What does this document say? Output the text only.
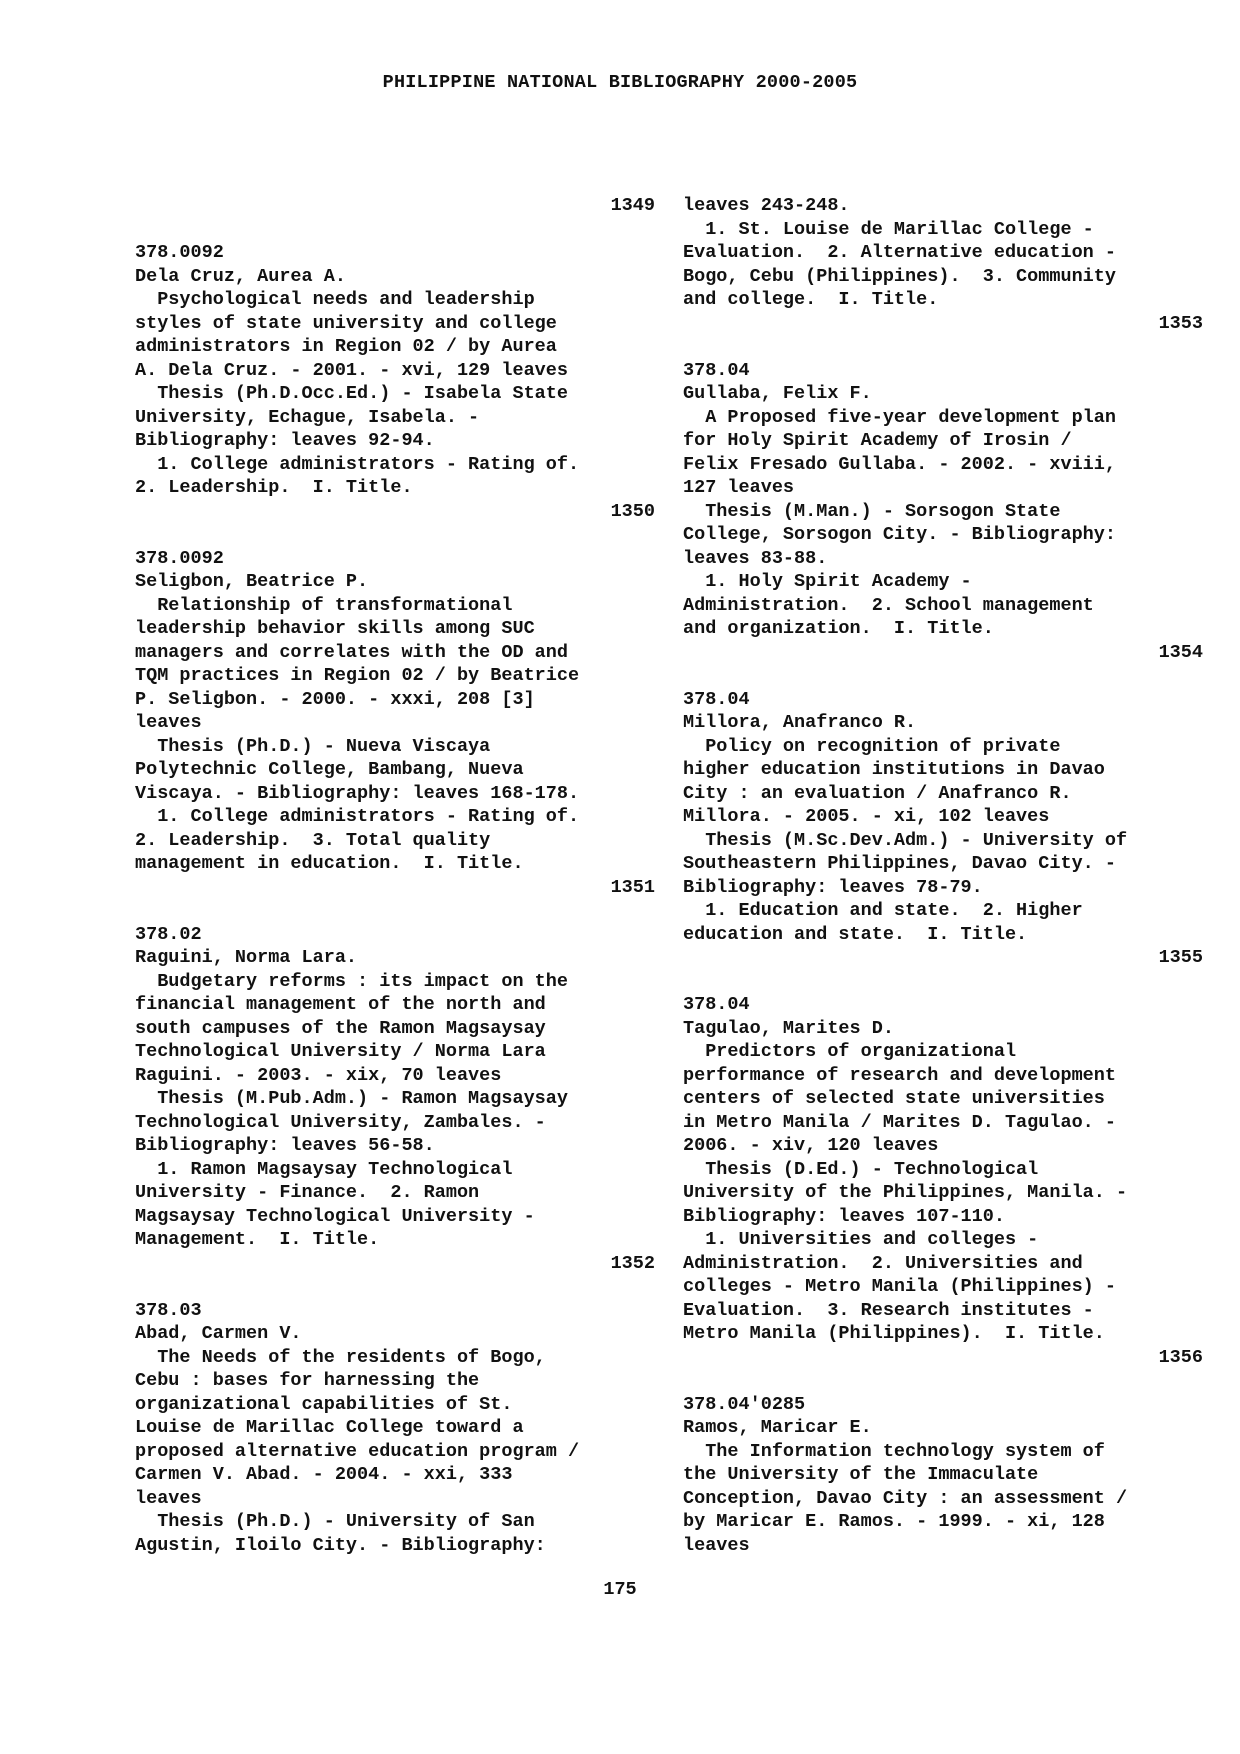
PHILIPPINE NATIONAL BIBLIOGRAPHY 2000-2005
1349
378.0092
Dela Cruz, Aurea A.
Psychological needs and leadership
styles of state university and college
administrators in Region 02 / by Aurea
A. Dela Cruz. - 2001. - xvi, 129 leaves
Thesis (Ph.D.Occ.Ed.) - Isabela State
University, Echague, Isabela. -
Bibliography: leaves 92-94.
1. College administrators - Rating of.
2. Leadership.  I. Title.
1350
378.0092
Seligbon, Beatrice P.
Relationship of transformational
leadership behavior skills among SUC
managers and correlates with the OD and
TQM practices in Region 02 / by Beatrice
P. Seligbon. - 2000. - xxxi, 208 [3]
leaves
Thesis (Ph.D.) - Nueva Viscaya
Polytechnic College, Bambang, Nueva
Viscaya. - Bibliography: leaves 168-178.
1. College administrators - Rating of.
2. Leadership.  3. Total quality
management in education.  I. Title.
1351
378.02
Raguini, Norma Lara.
Budgetary reforms : its impact on the
financial management of the north and
south campuses of the Ramon Magsaysay
Technological University / Norma Lara
Raguini. - 2003. - xix, 70 leaves
Thesis (M.Pub.Adm.) - Ramon Magsaysay
Technological University, Zambales. -
Bibliography: leaves 56-58.
1. Ramon Magsaysay Technological
University - Finance.  2. Ramon
Magsaysay Technological University -
Management.  I. Title.
1352
378.03
Abad, Carmen V.
The Needs of the residents of Bogo,
Cebu : bases for harnessing the
organizational capabilities of St.
Louise de Marillac College toward a
proposed alternative education program /
Carmen V. Abad. - 2004. - xxi, 333
leaves
Thesis (Ph.D.) - University of San
Agustin, Iloilo City. - Bibliography:
leaves 243-248.
1. St. Louise de Marillac College -
Evaluation.  2. Alternative education -
Bogo, Cebu (Philippines).  3. Community
and college.  I. Title.
1353
378.04
Gullaba, Felix F.
A Proposed five-year development plan
for Holy Spirit Academy of Irosin /
Felix Fresado Gullaba. - 2002. - xviii,
127 leaves
Thesis (M.Man.) - Sorsogon State
College, Sorsogon City. - Bibliography:
leaves 83-88.
1. Holy Spirit Academy -
Administration.  2. School management
and organization.  I. Title.
1354
378.04
Millora, Anafranco R.
Policy on recognition of private
higher education institutions in Davao
City : an evaluation / Anafranco R.
Millora. - 2005. - xi, 102 leaves
Thesis (M.Sc.Dev.Adm.) - University of
Southeastern Philippines, Davao City. -
Bibliography: leaves 78-79.
1. Education and state.  2. Higher
education and state.  I. Title.
1355
378.04
Tagulao, Marites D.
Predictors of organizational
performance of research and development
centers of selected state universities
in Metro Manila / Marites D. Tagulao. -
2006. - xiv, 120 leaves
Thesis (D.Ed.) - Technological
University of the Philippines, Manila. -
Bibliography: leaves 107-110.
1. Universities and colleges -
Administration.  2. Universities and
colleges - Metro Manila (Philippines) -
Evaluation.  3. Research institutes -
Metro Manila (Philippines).  I. Title.
1356
378.04'0285
Ramos, Maricar E.
The Information technology system of
the University of the Immaculate
Conception, Davao City : an assessment /
by Maricar E. Ramos. - 1999. - xi, 128
leaves
175
